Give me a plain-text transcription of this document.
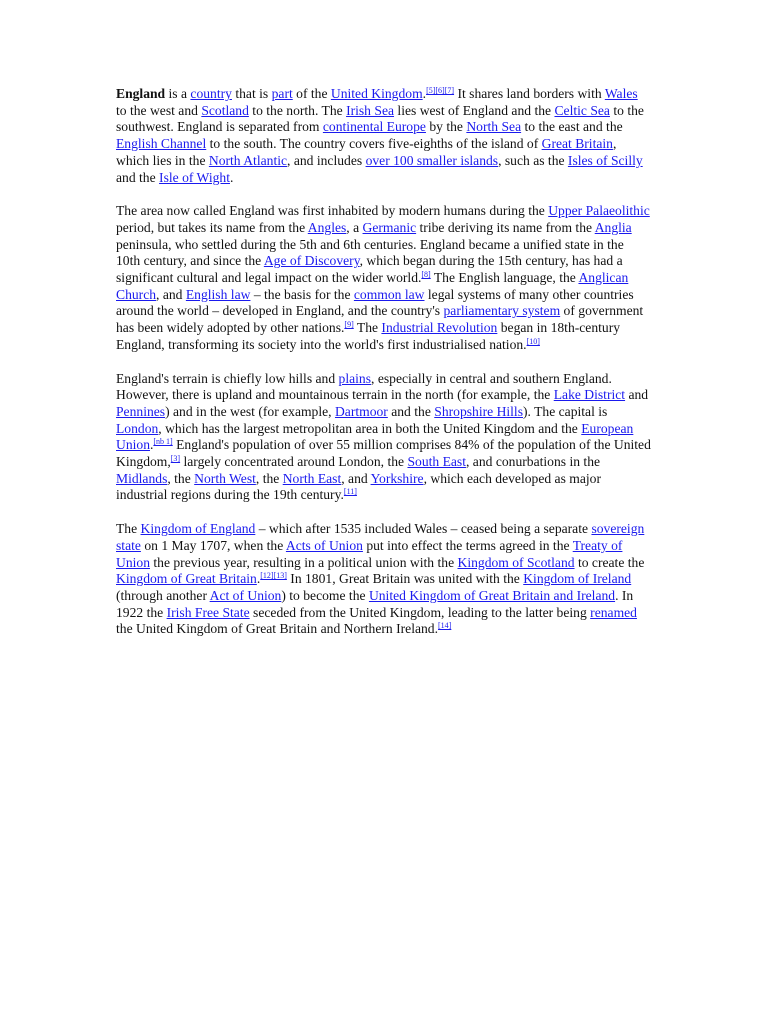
England is a country that is part of the United Kingdom.[5][6][7] It shares land borders with Wales to the west and Scotland to the north. The Irish Sea lies west of England and the Celtic Sea to the southwest. England is separated from continental Europe by the North Sea to the east and the English Channel to the south. The country covers five-eighths of the island of Great Britain, which lies in the North Atlantic, and includes over 100 smaller islands, such as the Isles of Scilly and the Isle of Wight.

The area now called England was first inhabited by modern humans during the Upper Palaeolithic period, but takes its name from the Angles, a Germanic tribe deriving its name from the Anglia peninsula, who settled during the 5th and 6th centuries. England became a unified state in the 10th century, and since the Age of Discovery, which began during the 15th century, has had a significant cultural and legal impact on the wider world.[8] The English language, the Anglican Church, and English law – the basis for the common law legal systems of many other countries around the world – developed in England, and the country's parliamentary system of government has been widely adopted by other nations.[9] The Industrial Revolution began in 18th-century England, transforming its society into the world's first industrialised nation.[10]

England's terrain is chiefly low hills and plains, especially in central and southern England. However, there is upland and mountainous terrain in the north (for example, the Lake District and Pennines) and in the west (for example, Dartmoor and the Shropshire Hills). The capital is London, which has the largest metropolitan area in both the United Kingdom and the European Union.[nb 1] England's population of over 55 million comprises 84% of the population of the United Kingdom,[3] largely concentrated around London, the South East, and conurbations in the Midlands, the North West, the North East, and Yorkshire, which each developed as major industrial regions during the 19th century.[11]

The Kingdom of England – which after 1535 included Wales – ceased being a separate sovereign state on 1 May 1707, when the Acts of Union put into effect the terms agreed in the Treaty of Union the previous year, resulting in a political union with the Kingdom of Scotland to create the Kingdom of Great Britain.[12][13] In 1801, Great Britain was united with the Kingdom of Ireland (through another Act of Union) to become the United Kingdom of Great Britain and Ireland. In 1922 the Irish Free State seceded from the United Kingdom, leading to the latter being renamed the United Kingdom of Great Britain and Northern Ireland.[14]
